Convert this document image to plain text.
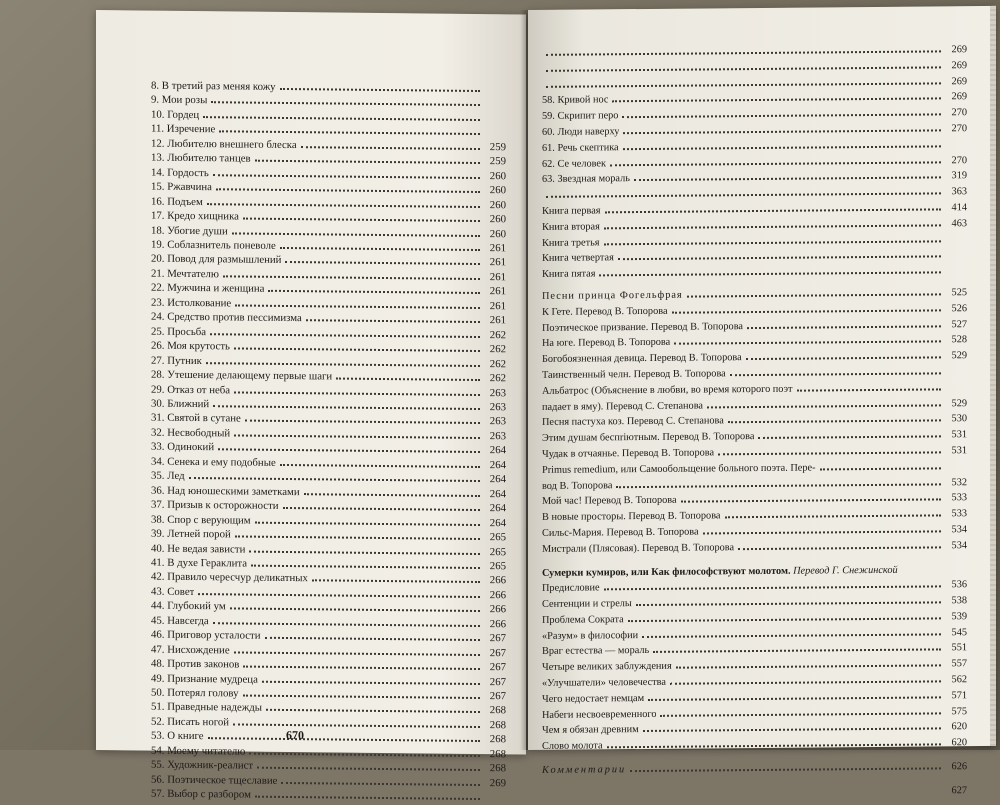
8. В третий раз меняя кожу
9. Мои розы
10. Гордец
11. Изречение
12. Любителю внешнего блеска	259
13. Любителю танцев	259
14. Гордость	260
15. Ржавчина	260
16. Подъем	260
17. Кредо хищника	260
18. Убогие души	260
19. Соблазнитель поневоле	261
20. Повод для размышлений	261
21. Мечтателю	261
22. Мужчина и женщина	261
23. Истолкование	261
24. Средство против пессимизма	261
25. Просьба	262
26. Моя крутость	262
27. Путник	262
28. Утешение делающему первые шаги	262
29. Отказ от неба	263
30. Ближний	263
31. Святой в сутане	263
32. Несвободный	263
33. Одинокий	264
34. Сенека и ему подобные	264
35. Лед	264
36. Над юношескими заметками	264
37. Призыв к осторожности	264
38. Спор с верующим	264
39. Летней порой	265
40. Не ведая зависти	265
41. В духе Гераклита	265
42. Правило чересчур деликатных	266
43. Совет	266
44. Глубокий ум	266
45. Навсегда	266
46. Приговор усталости	267
47. Нисхождение	267
48. Против законов	267
49. Признание мудреца	267
50. Потерял голову	267
51. Праведные надежды	268
52. Писать ногой	268
53. О книге	268
54. Моему читателю	268
55. Художник-реалист	268
56. Поэтическое тщеславие	269
57. Выбор с разбором
670
269
269
269
58. Кривой нос	269
59. Скрипит перо	270
60. Люди наверху	270
61. Речь скептика
62. Се человек	270
63. Звездная мораль	319
363
Книга первая	414
Книга вторая	463
Книга третья
Книга четвертая
Книга пятая
Песни принца Фогельфрая	525
К Гете. Перевод В. Топорова	526
Поэтическое призвание. Перевод В. Топорова	527
На юге. Перевод В. Топорова	528
Богобоязненная девица. Перевод В. Топорова	529
Таинственный челн. Перевод В. Топорова
Альбатрос (Объяснение в любви, во время которого поэт
падает в яму). Перевод С. Степанова	529
Песня пастуха коз. Перевод С. Степанова	530
Этим душам беспriютным. Перевод В. Топорова	531
Чудак в отчаянье. Перевод В. Топорова	531
Primus remedium, или Самообольщение больного поэта. Пере-
вод В. Топорова	532
Мой час! Перевод В. Топорова	533
В новые просторы. Перевод В. Топорова	533
Сильс-Мария. Перевод В. Топорова	534
Мистрали (Плясовая). Перевод В. Топорова	534
Сумерки кумиров, или Как философствуют молотом. Перевод Г. Снежинской
Предисловие	536
Сентенции и стрелы	538
Проблема Сократа	539
«Разум» в философии	545
Враг естества — мораль	551
Четыре великих заблуждения	557
«Улучшатели» человечества	562
Чего недостает немцам	571
Набеги несвоевременного	575
Чем я обязан древним	620
Слово молота	620
Комментарии	626
627
